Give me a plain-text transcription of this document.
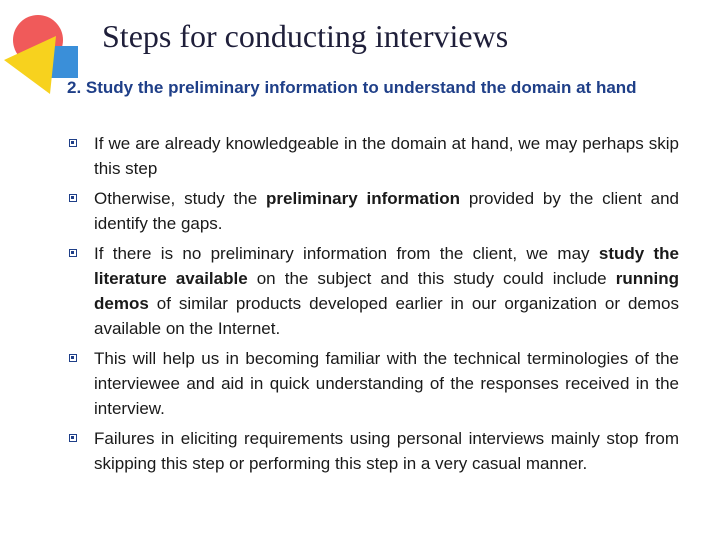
Steps for conducting interviews
2. Study the preliminary information to understand the domain at hand
If we are already knowledgeable in the domain at hand, we may perhaps skip this step
Otherwise, study the preliminary information provided by the client and identify the gaps.
If there is no preliminary information from the client, we may study the literature available on the subject and this study could include running demos of similar products developed earlier in our organization or demos available on the Internet.
This will help us in becoming familiar with the technical terminologies of the interviewee and aid in quick understanding of the responses received in the interview.
Failures in eliciting requirements using personal interviews mainly stop from skipping this step or performing this step in a very casual manner.
